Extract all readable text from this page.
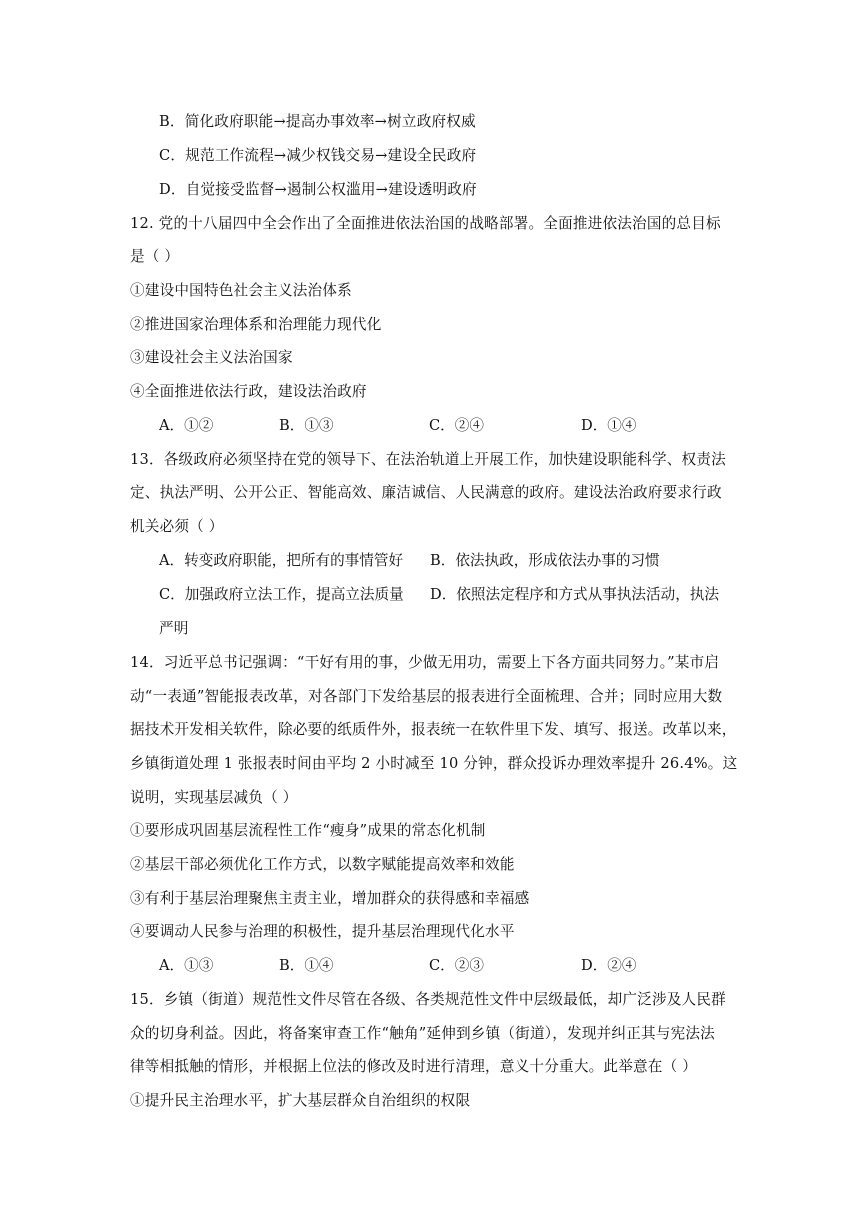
B．简化政府职能→提高办事效率→树立政府权威
C．规范工作流程→减少权钱交易→建设全民政府
D．自觉接受监督→遏制公权滥用→建设透明政府
12. 党的十八届四中全会作出了全面推进依法治国的战略部署。全面推进依法治国的总目标
是（ ）
①建设中国特色社会主义法治体系
②推进国家治理体系和治理能力现代化
③建设社会主义法治国家
④全面推进依法行政，建设法治政府
A．①②	B．①③	C．②④	D．①④
13．各级政府必须坚持在党的领导下、在法治轨道上开展工作，加快建设职能科学、权责法
定、执法严明、公开公正、智能高效、廉洁诚信、人民满意的政府。建设法治政府要求行政
机关必须（ ）
A．转变政府职能，把所有的事情管好 B．依法执政，形成依法办事的习惯
C．加强政府立法工作，提高立法质量 D．依照法定程序和方式从事执法活动，执法
严明
14．习近平总书记强调：“干好有用的事，少做无用功，需要上下各方面共同努力。”某市启
动“一表通”智能报表改革，对各部门下发给基层的报表进行全面梳理、合并；同时应用大数
据技术开发相关软件，除必要的纸质件外，报表统一在软件里下发、填写、报送。改革以来，
乡镇街道处理 1 张报表时间由平均 2 小时减至 10 分钟，群众投诉办理效率提升 26.4%。这
说明，实现基层减负（ ）
①要形成巩固基层流程性工作“瘦身”成果的常态化机制
②基层干部必须优化工作方式，以数字赋能提高效率和效能
③有利于基层治理聚焦主责主业，增加群众的获得感和幸福感
④要调动人民参与治理的积极性，提升基层治理现代化水平
A．①③	B．①④	C．②③	D．②④
15．乡镇（街道）规范性文件尽管在各级、各类规范性文件中层级最低，却广泛涉及人民群
众的切身利益。因此，将备案审查工作“触角”延伸到乡镇（街道），发现并纠正其与宪法法
律等相抵触的情形，并根据上位法的修改及时进行清理，意义十分重大。此举意在（ ）
①提升民主治理水平，扩大基层群众自治组织的权限
